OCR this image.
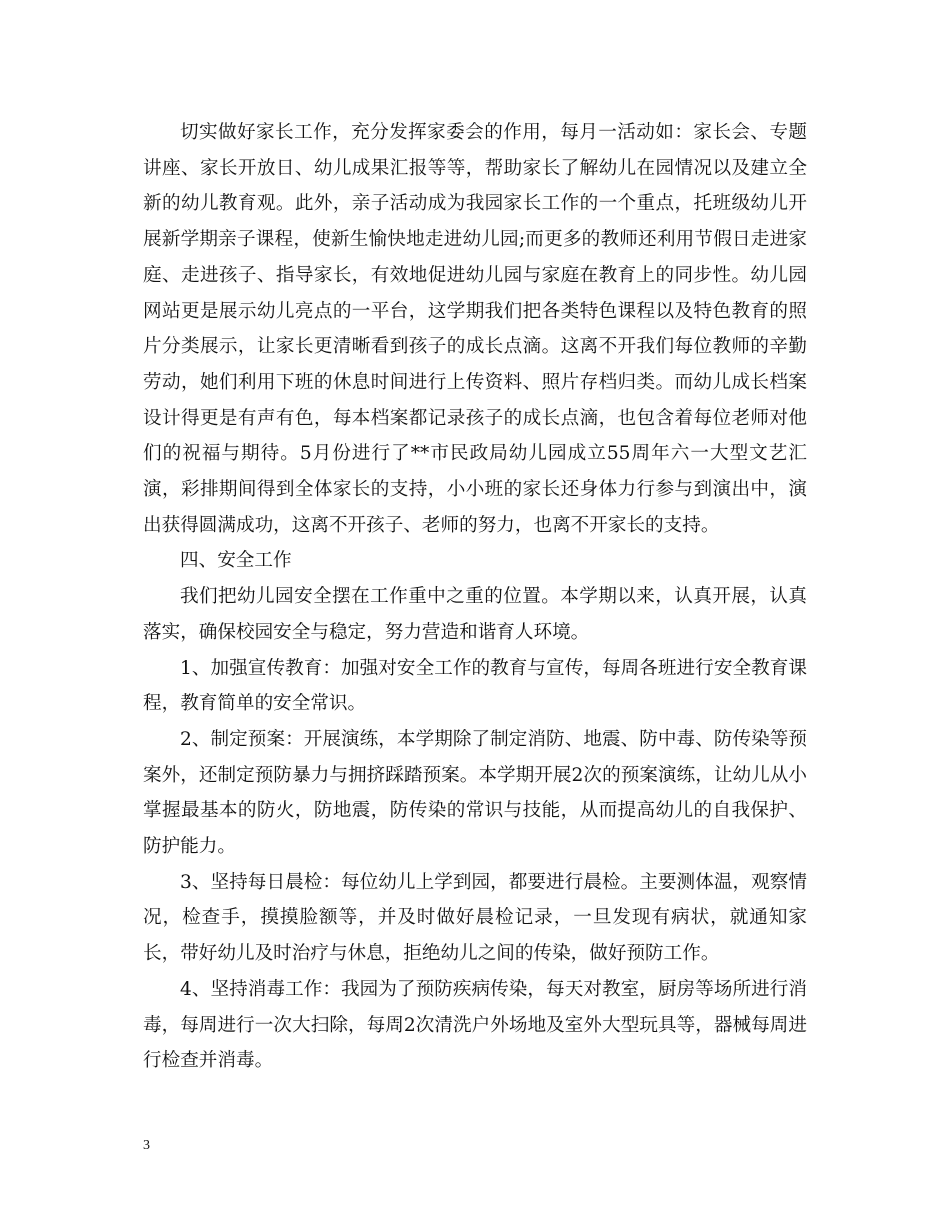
切实做好家长工作，充分发挥家委会的作用，每月一活动如：家长会、专题讲座、家长开放日、幼儿成果汇报等等，帮助家长了解幼儿在园情况以及建立全新的幼儿教育观。此外，亲子活动成为我园家长工作的一个重点，托班级幼儿开展新学期亲子课程，使新生愉快地走进幼儿园;而更多的教师还利用节假日走进家庭、走进孩子、指导家长，有效地促进幼儿园与家庭在教育上的同步性。幼儿园网站更是展示幼儿亮点的一平台，这学期我们把各类特色课程以及特色教育的照片分类展示，让家长更清晰看到孩子的成长点滴。这离不开我们每位教师的辛勤劳动，她们利用下班的休息时间进行上传资料、照片存档归类。而幼儿成长档案设计得更是有声有色，每本档案都记录孩子的成长点滴，也包含着每位老师对他们的祝福与期待。5月份进行了**市民政局幼儿园成立55周年六一大型文艺汇演，彩排期间得到全体家长的支持，小小班的家长还身体力行参与到演出中，演出获得圆满成功，这离不开孩子、老师的努力，也离不开家长的支持。

四、安全工作

我们把幼儿园安全摆在工作重中之重的位置。本学期以来，认真开展，认真落实，确保校园安全与稳定，努力营造和谐育人环境。

1、加强宣传教育：加强对安全工作的教育与宣传，每周各班进行安全教育课程，教育简单的安全常识。

2、制定预案：开展演练，本学期除了制定消防、地震、防中毒、防传染等预案外，还制定预防暴力与拥挤踩踏预案。本学期开展2次的预案演练，让幼儿从小掌握最基本的防火，防地震，防传染的常识与技能，从而提高幼儿的自我保护、防护能力。

3、坚持每日晨检：每位幼儿上学到园，都要进行晨检。主要测体温，观察情况，检查手，摸摸脸额等，并及时做好晨检记录，一旦发现有病状，就通知家长，带好幼儿及时治疗与休息，拒绝幼儿之间的传染，做好预防工作。

4、坚持消毒工作：我园为了预防疾病传染，每天对教室，厨房等场所进行消毒，每周进行一次大扫除，每周2次清洗户外场地及室外大型玩具等，器械每周进行检查并消毒。

3
